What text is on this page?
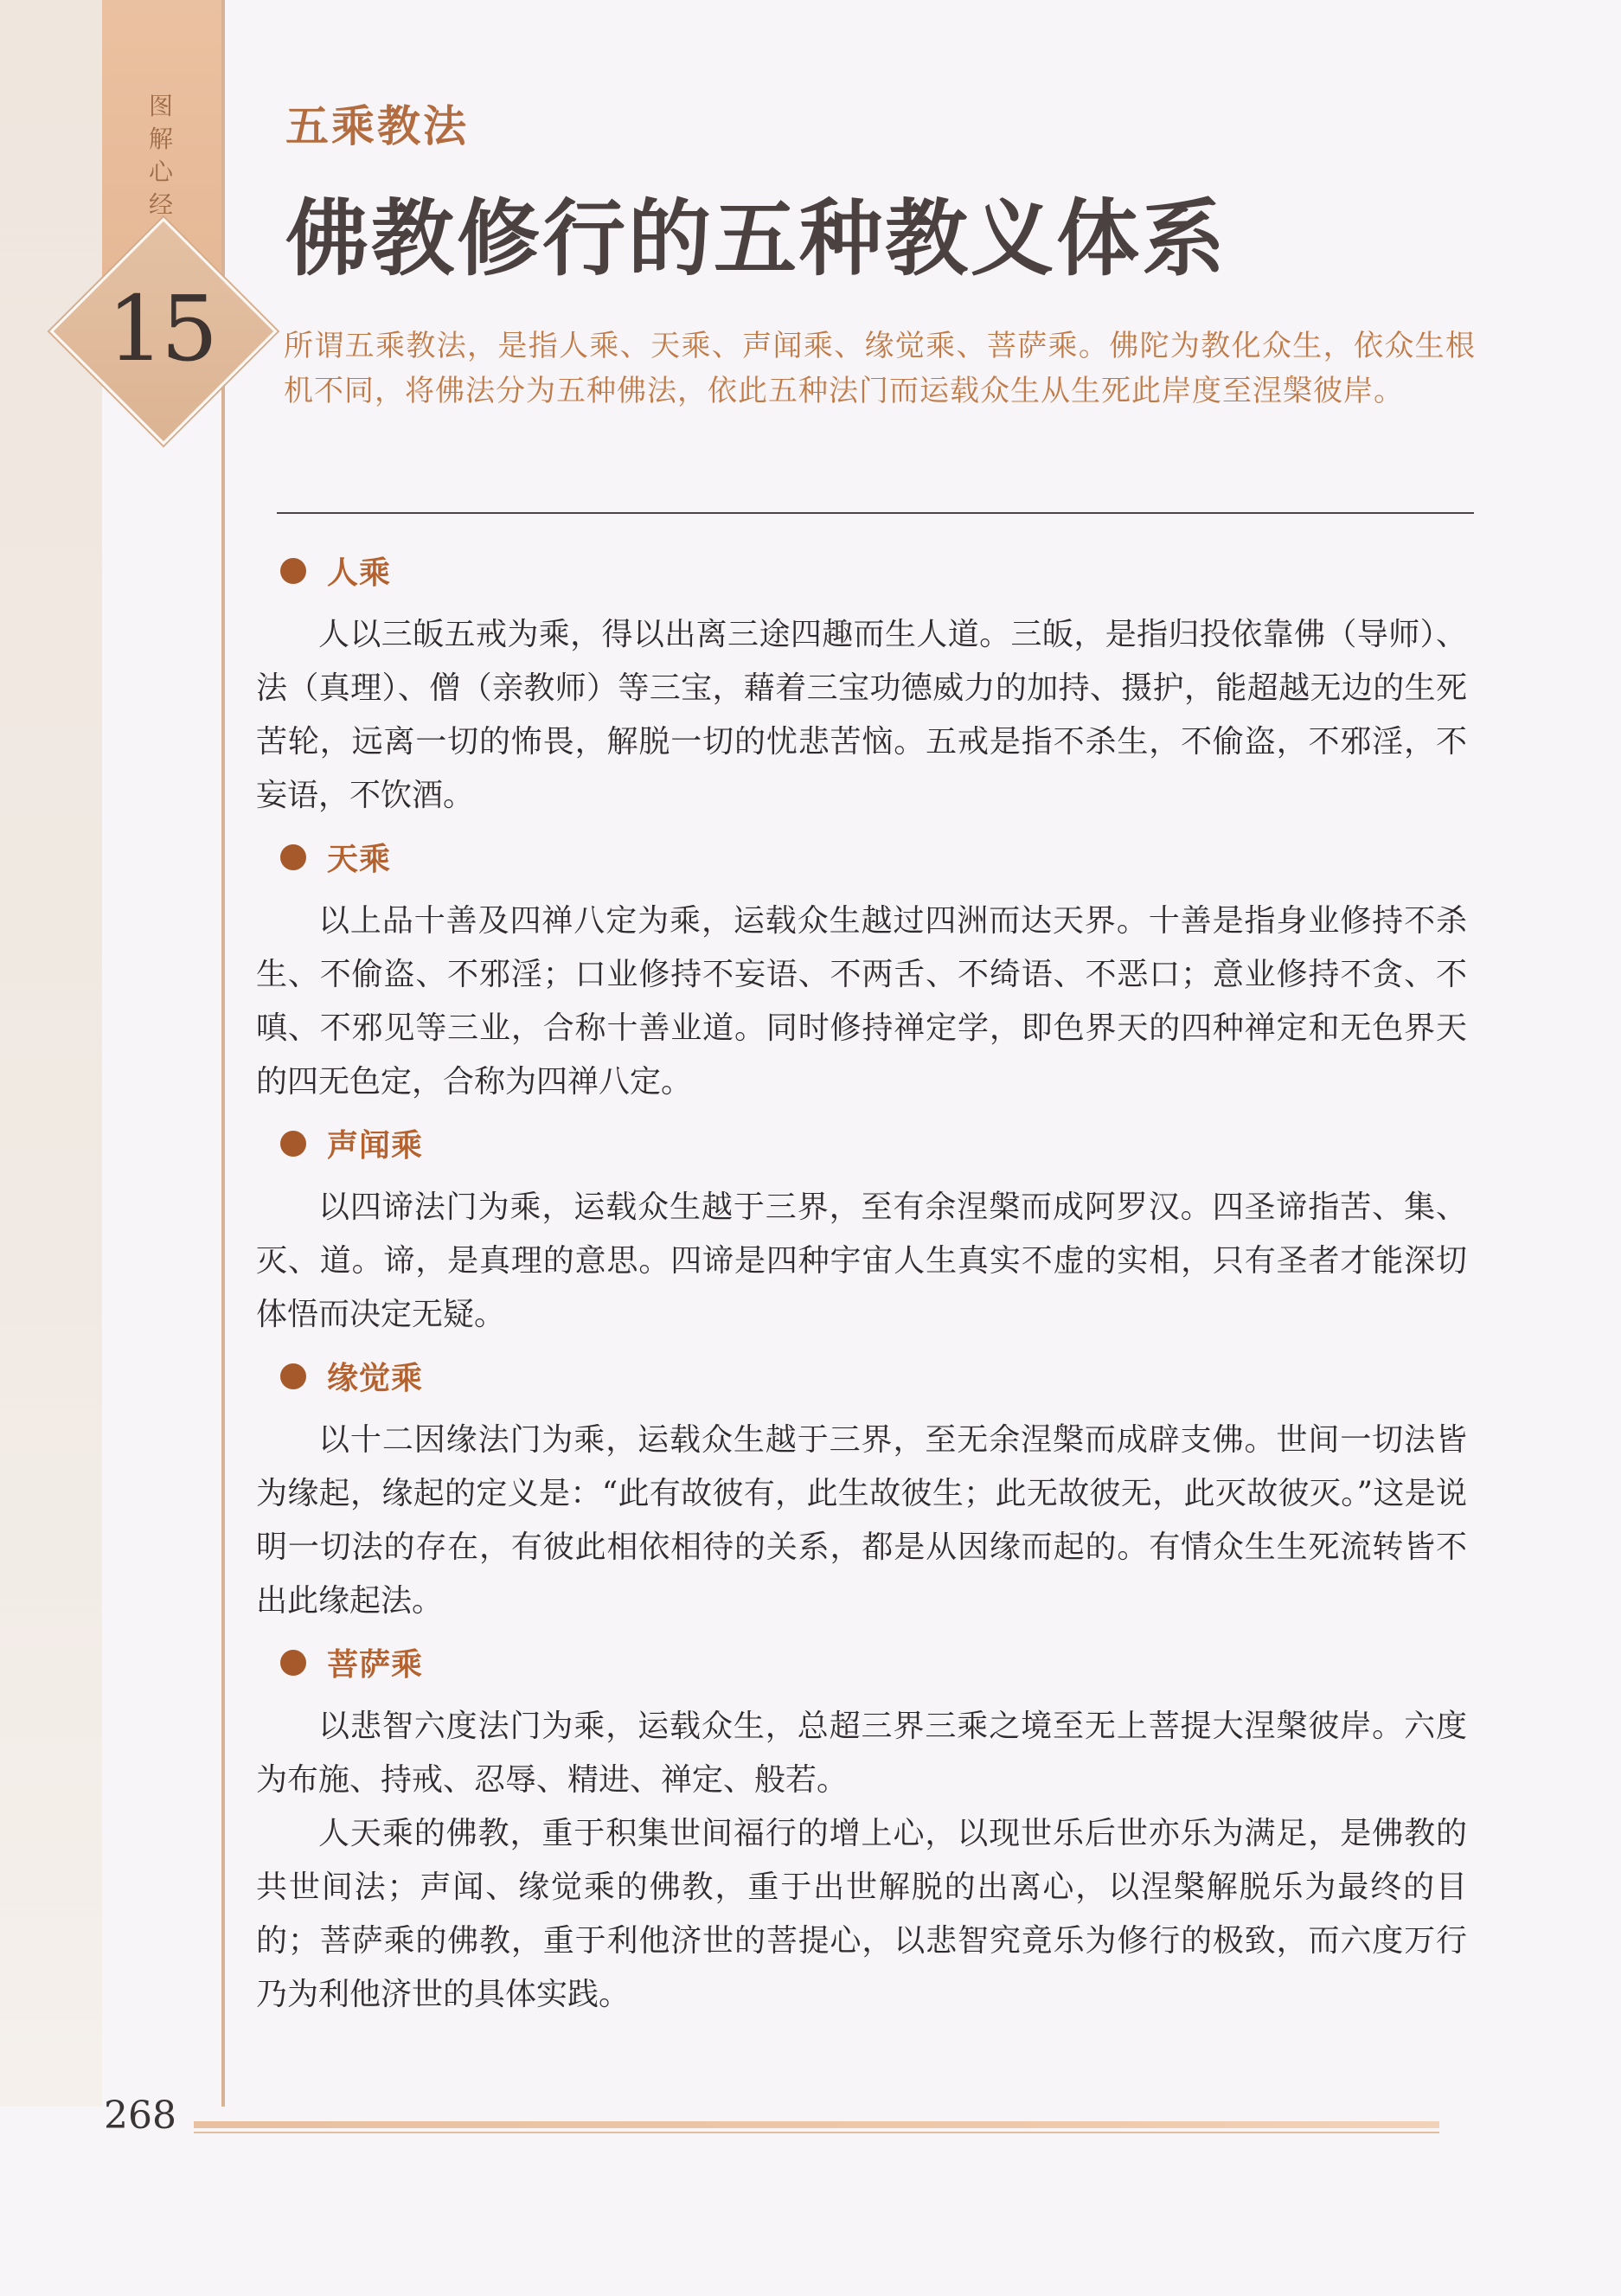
图
解
心
经
15
五乘教法
佛教修行的五种教义体系
所谓五乘教法，是指人乘、天乘、声闻乘、缘觉乘、菩萨乘。佛陀为教化众生，依众生根机不同，将佛法分为五种佛法，依此五种法门而运载众生从生死此岸度至涅槃彼岸。
人乘

人以三皈五戒为乘，得以出离三途四趣而生人道。三皈，是指归投依靠佛（导师）、法（真理）、僧（亲教师）等三宝，藉着三宝功德威力的加持、摄护，能超越无边的生死苦轮，远离一切的怖畏，解脱一切的忧悲苦恼。五戒是指不杀生，不偷盗，不邪淫，不妄语，不饮酒。

天乘

以上品十善及四禅八定为乘，运载众生越过四洲而达天界。十善是指身业修持不杀生、不偷盗、不邪淫；口业修持不妄语、不两舌、不绮语、不恶口；意业修持不贪、不嗔、不邪见等三业，合称十善业道。同时修持禅定学，即色界天的四种禅定和无色界天的四无色定，合称为四禅八定。

声闻乘

以四谛法门为乘，运载众生越于三界，至有余涅槃而成阿罗汉。四圣谛指苦、集、灭、道。谛，是真理的意思。四谛是四种宇宙人生真实不虚的实相，只有圣者才能深切体悟而决定无疑。

缘觉乘

以十二因缘法门为乘，运载众生越于三界，至无余涅槃而成辟支佛。世间一切法皆为缘起，缘起的定义是：“此有故彼有，此生故彼生；此无故彼无，此灭故彼灭。”这是说明一切法的存在，有彼此相依相待的关系，都是从因缘而起的。有情众生生死流转皆不出此缘起法。

菩萨乘

以悲智六度法门为乘，运载众生，总超三界三乘之境至无上菩提大涅槃彼岸。六度为布施、持戒、忍辱、精进、禅定、般若。

人天乘的佛教，重于积集世间福行的增上心，以现世乐后世亦乐为满足，是佛教的共世间法；声闻、缘觉乘的佛教，重于出世解脱的出离心，以涅槃解脱乐为最终的目的；菩萨乘的佛教，重于利他济世的菩提心，以悲智究竟乐为修行的极致，而六度万行乃为利他济世的具体实践。

268
